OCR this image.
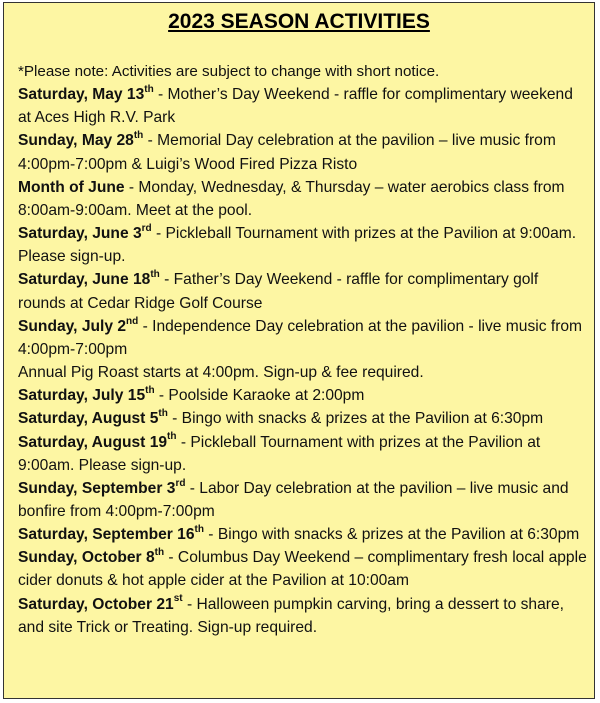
2023 SEASON ACTIVITIES

*Please note: Activities are subject to change with short notice.

Saturday, May 13th - Mother’s Day Weekend - raffle for complimentary weekend at Aces High R.V. Park

Sunday, May 28th - Memorial Day celebration at the pavilion – live music from 4:00pm-7:00pm & Luigi’s Wood Fired Pizza Risto

Month of June - Monday, Wednesday, & Thursday – water aerobics class from 8:00am-9:00am. Meet at the pool.

Saturday, June 3rd - Pickleball Tournament with prizes at the Pavilion at 9:00am. Please sign-up.

Saturday, June 18th - Father’s Day Weekend - raffle for complimentary golf rounds at Cedar Ridge Golf Course

Sunday, July 2nd - Independence Day celebration at the pavilion - live music from 4:00pm-7:00pm

Annual Pig Roast starts at 4:00pm. Sign-up & fee required.

Saturday, July 15th - Poolside Karaoke at 2:00pm

Saturday, August 5th - Bingo with snacks & prizes at the Pavilion at 6:30pm

Saturday, August 19th - Pickleball Tournament with prizes at the Pavilion at 9:00am. Please sign-up.

Sunday, September 3rd - Labor Day celebration at the pavilion – live music and bonfire from 4:00pm-7:00pm

Saturday, September 16th - Bingo with snacks & prizes at the Pavilion at 6:30pm

Sunday, October 8th - Columbus Day Weekend – complimentary fresh local apple cider donuts & hot apple cider at the Pavilion at 10:00am

Saturday, October 21st - Halloween pumpkin carving, bring a dessert to share, and site Trick or Treating. Sign-up required.
